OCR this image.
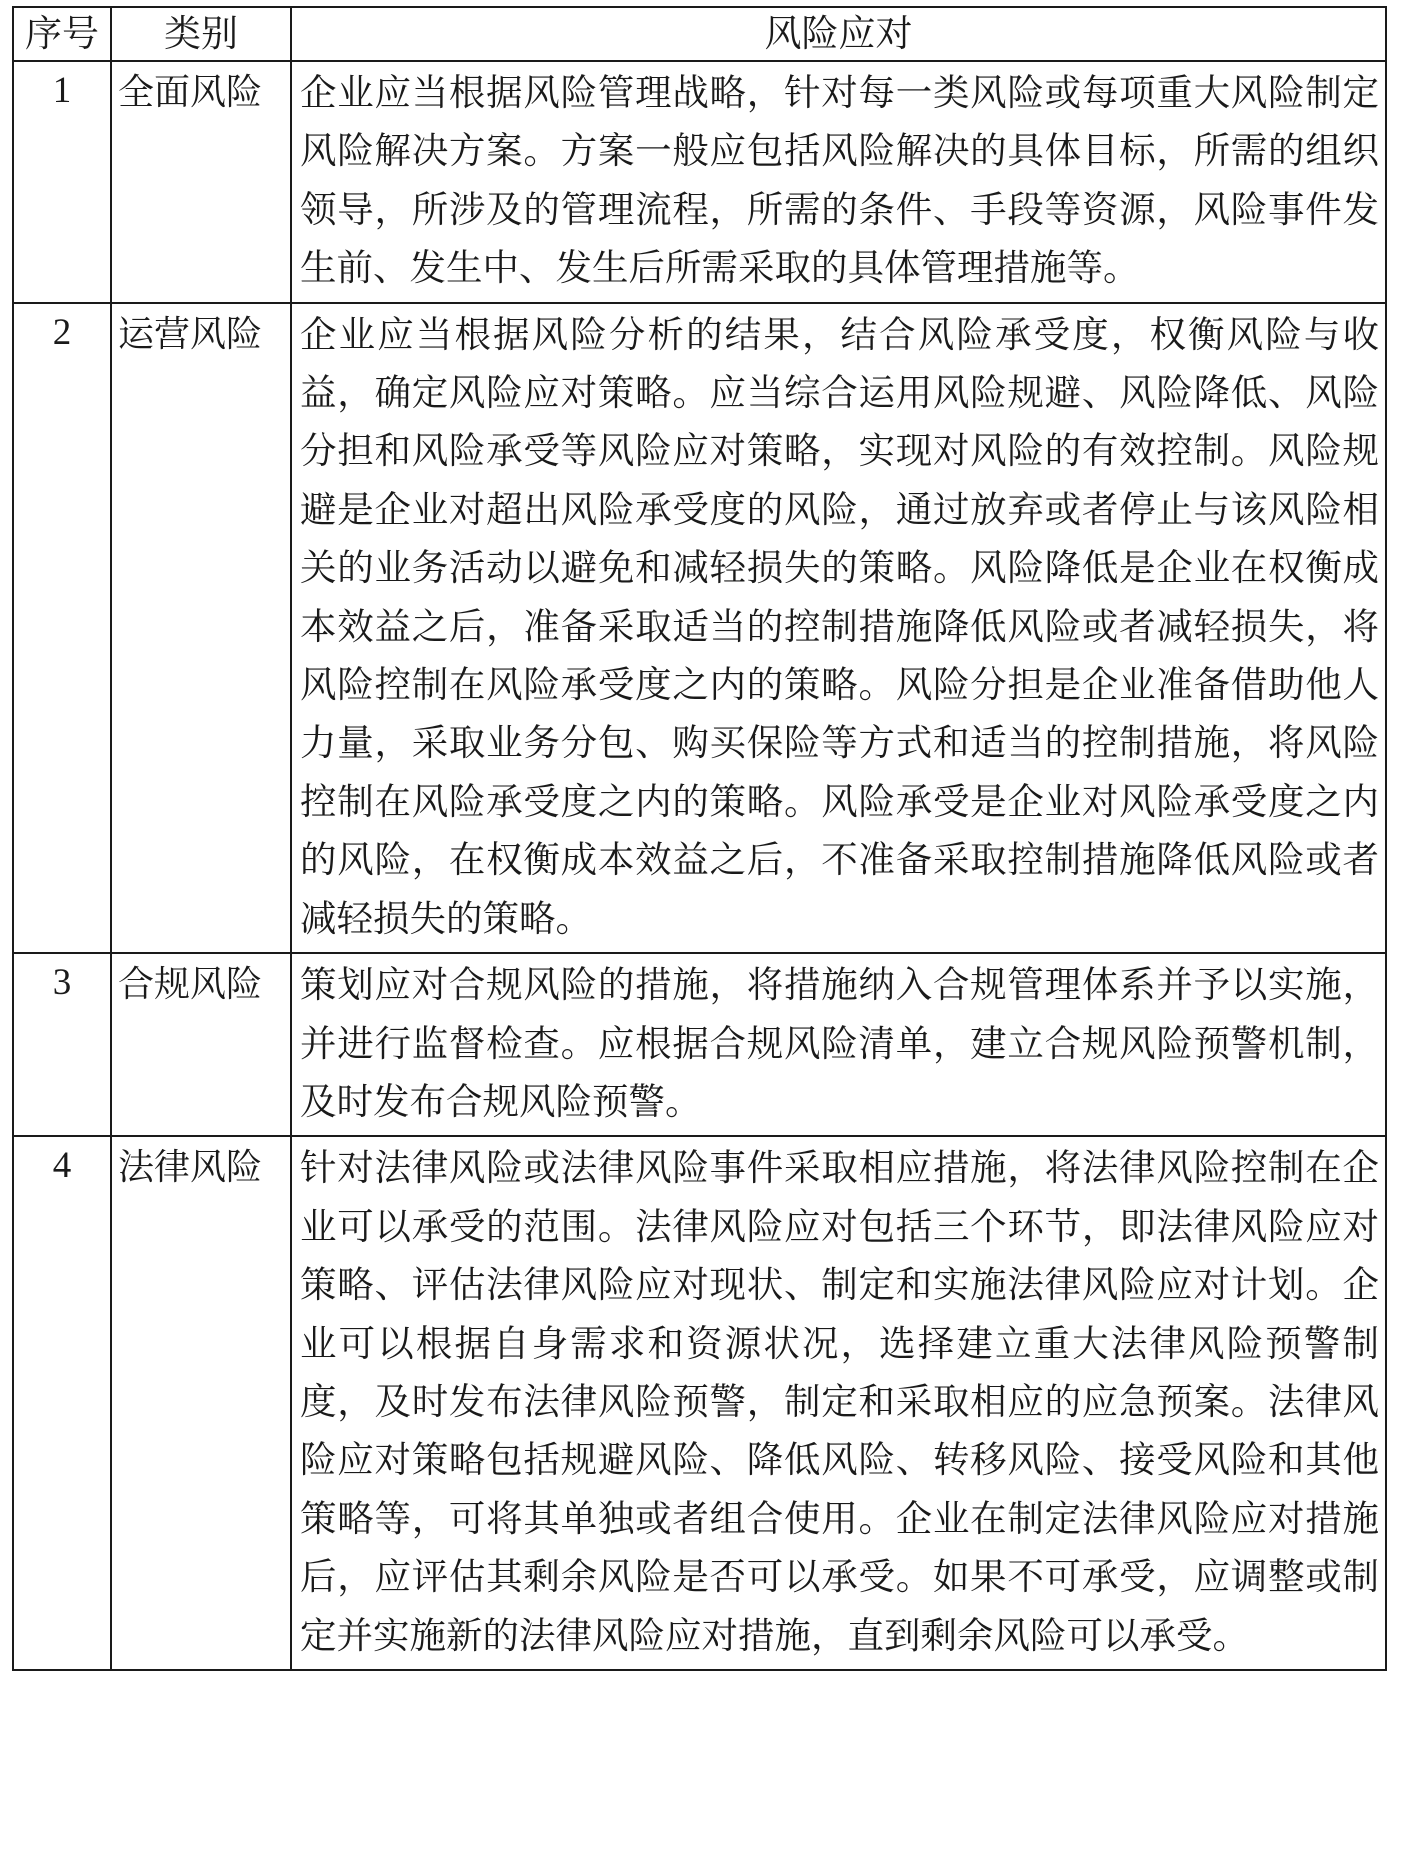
序号	类别	风险应对
1	全面风险	企业应当根据风险管理战略，针对每一类风险或每项重大风险制定风险解决方案。方案一般应包括风险解决的具体目标，所需的组织领导，所涉及的管理流程，所需的条件、手段等资源，风险事件发生前、发生中、发生后所需采取的具体管理措施等。
2	运营风险	企业应当根据风险分析的结果，结合风险承受度，权衡风险与收益，确定风险应对策略。应当综合运用风险规避、风险降低、风险分担和风险承受等风险应对策略，实现对风险的有效控制。风险规避是企业对超出风险承受度的风险，通过放弃或者停止与该风险相关的业务活动以避免和减轻损失的策略。风险降低是企业在权衡成本效益之后，准备采取适当的控制措施降低风险或者减轻损失，将风险控制在风险承受度之内的策略。风险分担是企业准备借助他人力量，采取业务分包、购买保险等方式和适当的控制措施，将风险控制在风险承受度之内的策略。风险承受是企业对风险承受度之内的风险，在权衡成本效益之后，不准备采取控制措施降低风险或者减轻损失的策略。
3	合规风险	策划应对合规风险的措施，将措施纳入合规管理体系并予以实施，并进行监督检查。应根据合规风险清单，建立合规风险预警机制，及时发布合规风险预警。
4	法律风险	针对法律风险或法律风险事件采取相应措施，将法律风险控制在企业可以承受的范围。法律风险应对包括三个环节，即法律风险应对策略、评估法律风险应对现状、制定和实施法律风险应对计划。企业可以根据自身需求和资源状况，选择建立重大法律风险预警制度，及时发布法律风险预警，制定和采取相应的应急预案。法律风险应对策略包括规避风险、降低风险、转移风险、接受风险和其他策略等，可将其单独或者组合使用。企业在制定法律风险应对措施后，应评估其剩余风险是否可以承受。如果不可承受，应调整或制定并实施新的法律风险应对措施，直到剩余风险可以承受。
